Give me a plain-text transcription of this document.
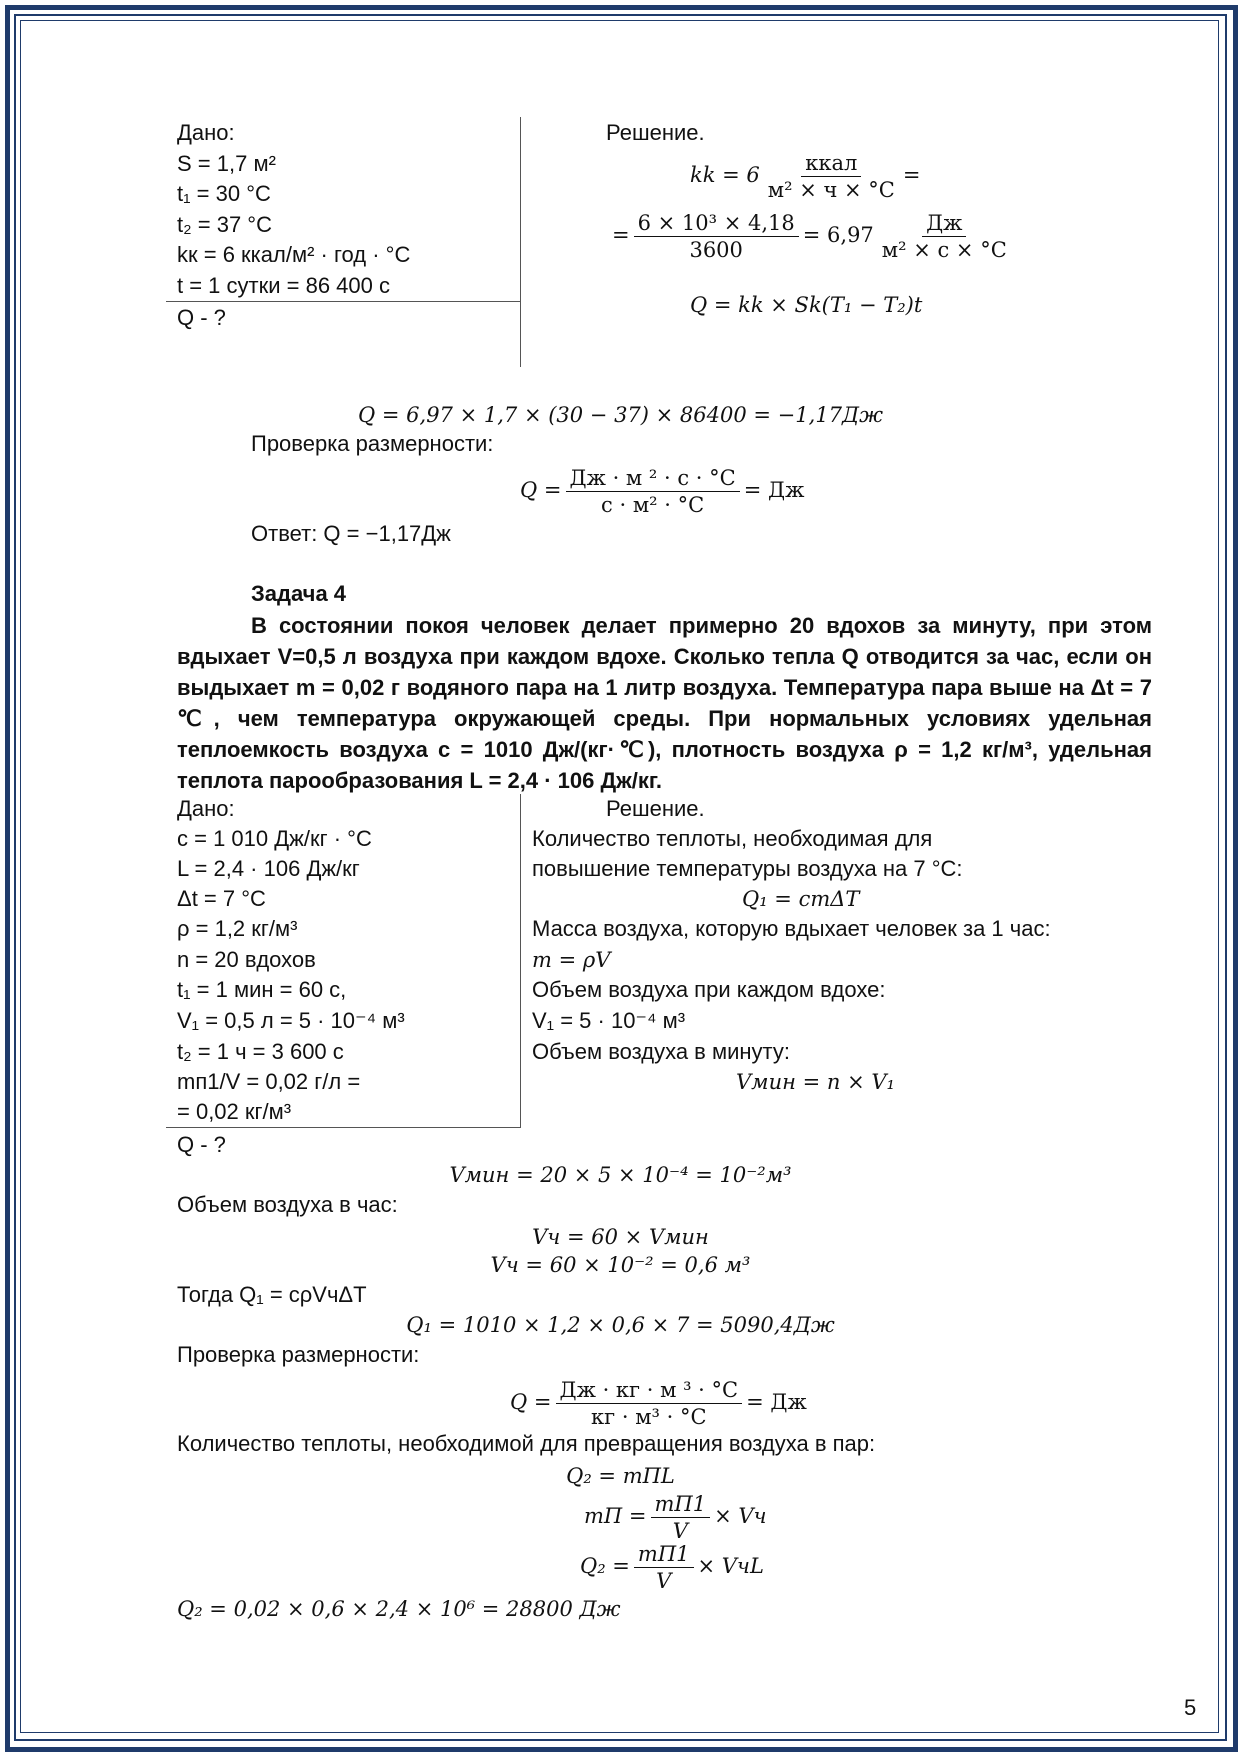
Дано:
S = 1,7 м²
t₁ = 30 °С
t₂ = 37 °С
kк = 6 ккал/м² · год · °С
t = 1 сутки = 86 400 с
Q - ?
Решение.
kk = $6 \frac{\text{ккал}}{\text{м² × ч × °С}}$ =
= $\frac{\text{6 × 10³ × 4,18}}{3600} = 6,97 \frac{Дж}{\text{м² × с × °С}}$
Q = kk × Sk(T₁ − T₂)t
Q = 6,97 × 1,7 × (30 − 37) × 86400 = −1,17Дж
Проверка размерности:
$Q = \frac{\text{Дж · м ² · с · °С}}{\text{с · м² · °С}}$ = Дж
Ответ: Q = −1,17Дж
Задача 4
В состоянии покоя человек делает примерно 20 вдохов за минуту, при этом вдыхает V=0,5 л воздуха при каждом вдохе. Сколько тепла Q отводится за час, если он выдыхает m = 0,02 г водяного пара на 1 литр воздуха. Температура пара выше на Δt = 7 ℃, чем температура окружающей среды. При нормальных условиях удельная теплоемкость воздуха c = 1010 Дж/(кг·℃), плотность воздуха ρ = 1,2 кг/м³, удельная теплота парообразования L = 2,4 · 106 Дж/кг.
Дано:
c = 1 010 Дж/кг · °С
L = 2,4 · 106 Дж/кг
Δt = 7 °С
ρ = 1,2 кг/м³
n = 20 вдохов
t₁ = 1 мин = 60 с,
V₁ = 0,5 л = 5 · 10⁻⁴ м³
t₂ = 1 ч = 3 600 с
mп1/V = 0,02 г/л =
= 0,02 кг/м³
Q - ?
Решение.
Количество теплоты, необходимая для
повышение температуры воздуха на 7 °С:
Q₁ = cmΔT
Масса воздуха, которую вдыхает человек за 1 час:
m = ρV
Объем воздуха при каждом вдохе:
V₁ = 5 · 10⁻⁴ м³
Объем воздуха в минуту:
Vмин = n × V₁
Vмин = 20 × 5 × 10⁻⁴ = 10⁻²м³
Объем воздуха в час:
Vч = 60 × Vмин
Vч = 60 × 10⁻² = 0,6 м³
Тогда Q₁ = cρVчΔT
Q₁ = 1010 × 1,2 × 0,6 × 7 = 5090,4Дж
Проверка размерности:
$Q = \frac{\text{Дж · кг · м ³ · °С}}{\text{кг · м³ · °С}}$ = Дж
Количество теплоты, необходимой для превращения воздуха в пар:
Q₂ = mПL
mП = $\frac{mП1}{V}$ × Vч
$Q_2 = \frac{mП1}{V}$ × VчL
Q₂ = 0,02 × 0,6 × 2,4 × 10⁶ = 28800 Дж
5
